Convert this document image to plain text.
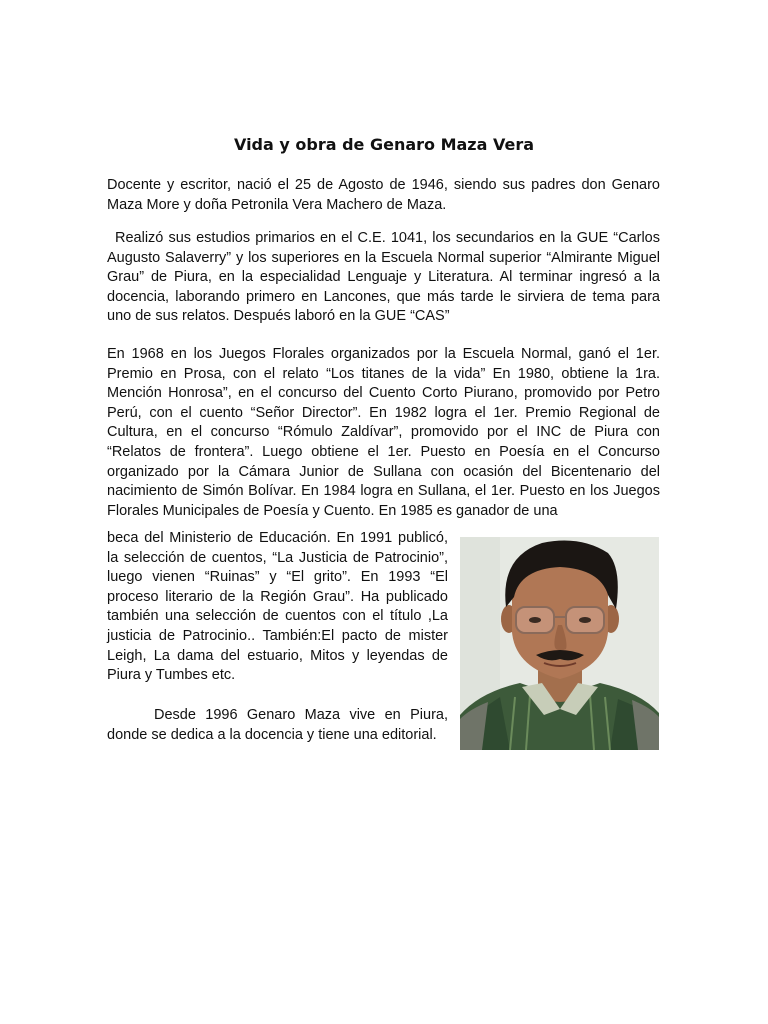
Vida y obra de Genaro Maza Vera

Docente y escritor, nació el 25 de Agosto de 1946, siendo sus padres don Genaro Maza More y doña Petronila Vera Machero de Maza.

Realizó sus estudios primarios en el C.E. 1041, los secundarios en la GUE “Carlos Augusto Salaverry” y los superiores en la Escuela Normal superior “Almirante Miguel Grau” de Piura, en la especialidad Lenguaje y Literatura. Al terminar ingresó a la docencia, laborando primero en Lancones, que más tarde le sirviera de tema para uno de sus relatos. Después laboró en la GUE “CAS”

En 1968 en los Juegos Florales organizados por la Escuela Normal, ganó el 1er. Premio en Prosa, con el relato “Los titanes de la vida” En 1980, obtiene la 1ra. Mención Honrosa”, en el concurso del Cuento Corto Piurano, promovido por Petro Perú, con el cuento “Señor Director”. En 1982 logra el 1er. Premio Regional de Cultura, en el concurso “Rómulo Zaldívar”, promovido por el INC de Piura con “Relatos de frontera”. Luego obtiene el 1er. Puesto en Poesía en el Concurso organizado por la Cámara Junior de Sullana con ocasión del Bicentenario del nacimiento de Simón Bolívar. En 1984 logra en Sullana, el 1er. Puesto en los Juegos Florales Municipales de Poesía y Cuento. En 1985 es ganador de una

beca del Ministerio de Educación. En 1991 publicó, la selección de cuentos, “La Justicia de Patrocinio”, luego vienen “Ruinas” y “El grito”. En 1993 “El proceso literario de la Región Grau”. Ha publicado también una selección de cuentos con el título ,La justicia de Patrocinio.. También:El pacto de mister Leigh, La dama del estuario, Mitos y leyendas de Piura y Tumbes etc.

Desde 1996 Genaro Maza vive en Piura, donde se dedica a la docencia y tiene una editorial.
